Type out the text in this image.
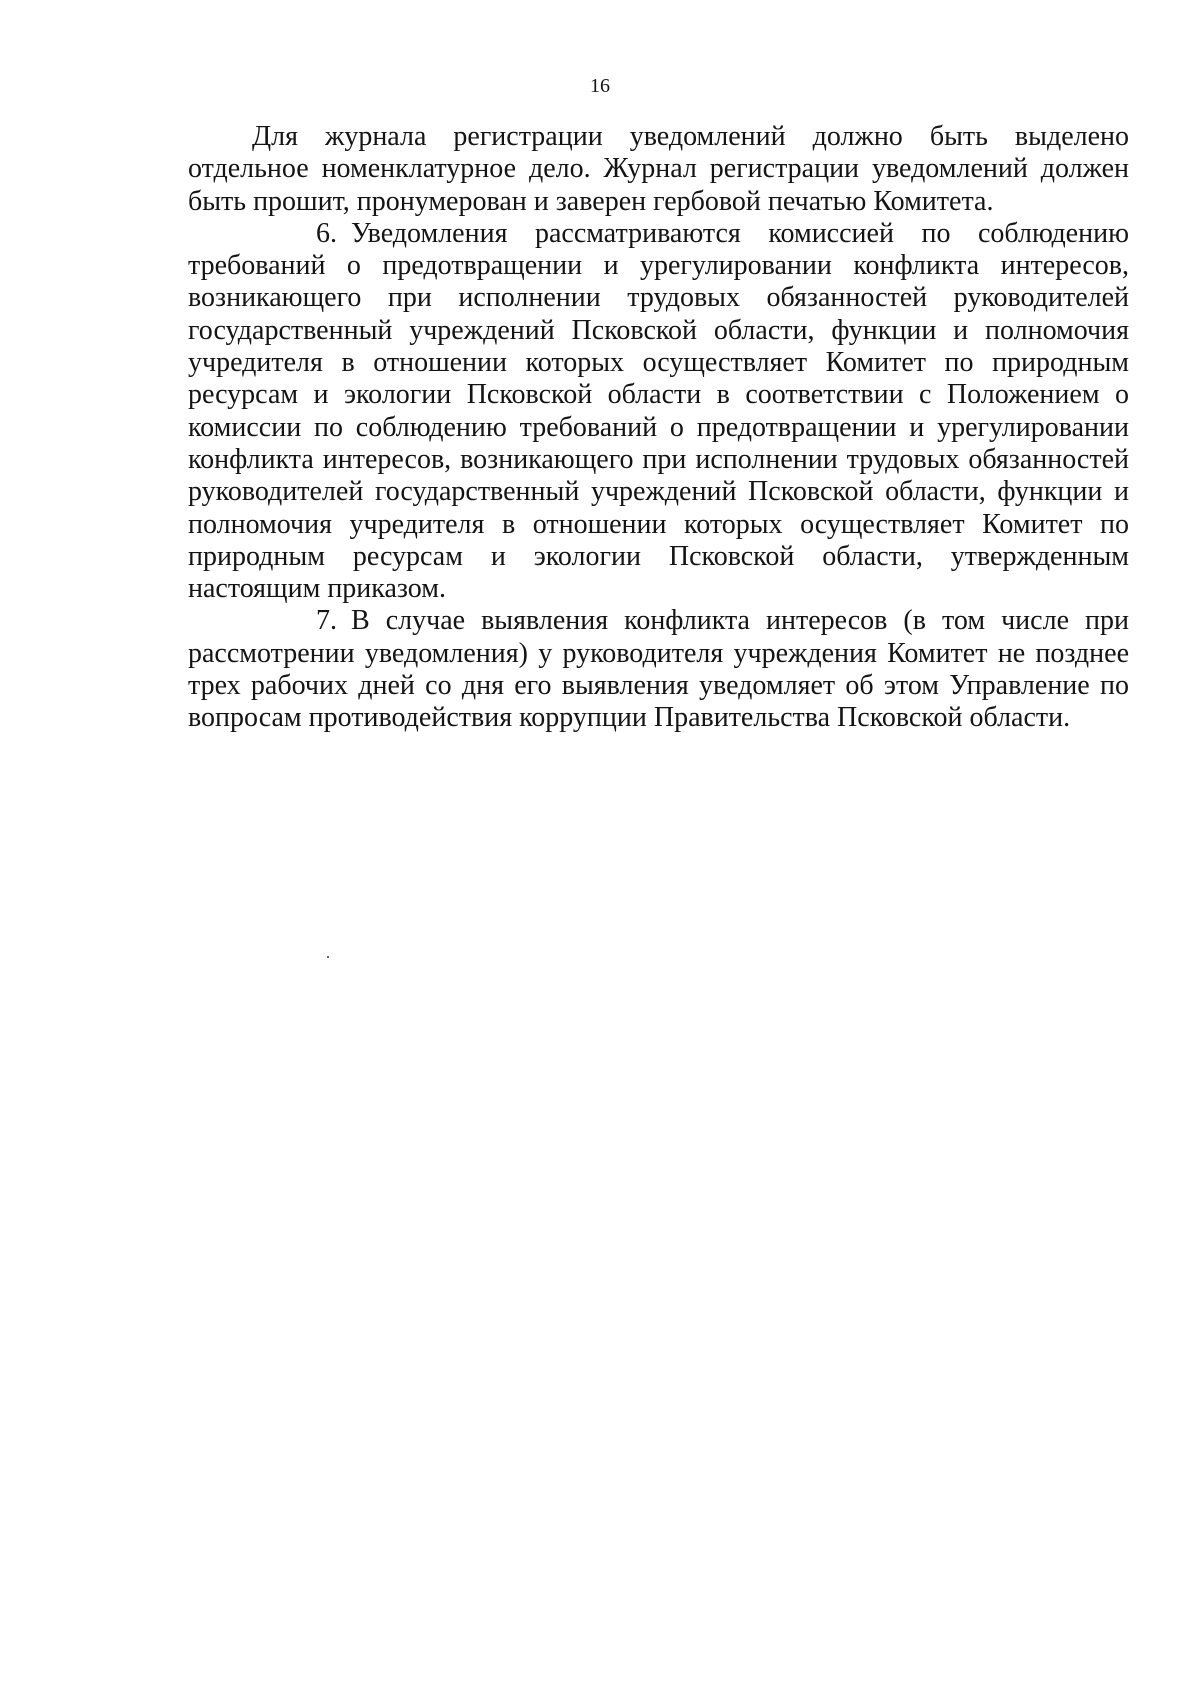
16

Для журнала регистрации уведомлений должно быть выделено отдельное номенклатурное дело. Журнал регистрации уведомлений должен быть прошит, пронумерован и заверен гербовой печатью Комитета.

6. Уведомления рассматриваются комиссией по соблюдению требований о предотвращении и урегулировании конфликта интересов, возникающего при исполнении трудовых обязанностей руководителей государственный учреждений Псковской области, функции и полномочия учредителя в отношении которых осуществляет Комитет по природным ресурсам и экологии Псковской области в соответствии с Положением о комиссии по соблюдению требований о предотвращении и урегулировании конфликта интересов, возникающего при исполнении трудовых обязанностей руководителей государственный учреждений Псковской области, функции и полномочия учредителя в отношении которых осуществляет Комитет по природным ресурсам и экологии Псковской области, утвержденным настоящим приказом.

7. В случае выявления конфликта интересов (в том числе при рассмотрении уведомления) у руководителя учреждения Комитет не позднее трех рабочих дней со дня его выявления уведомляет об этом Управление по вопросам противодействия коррупции Правительства Псковской области.
